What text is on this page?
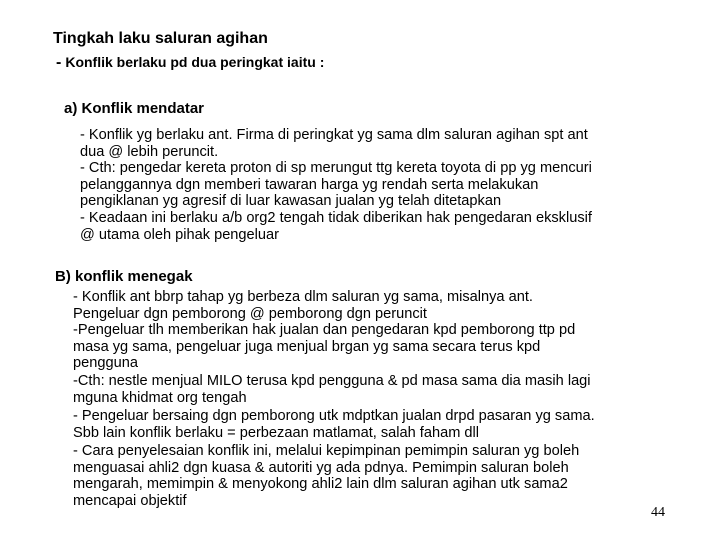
Tingkah laku saluran agihan
- Konflik berlaku pd dua peringkat iaitu :
a) Konflik mendatar
- Konflik yg berlaku ant. Firma di peringkat yg sama dlm saluran agihan spt ant
dua @ lebih peruncit.
- Cth: pengedar kereta proton di sp merungut ttg kereta toyota di pp yg mencuri
pelanggannya dgn memberi tawaran harga yg rendah serta melakukan
pengiklanan yg agresif di luar kawasan jualan yg telah ditetapkan
- Keadaan ini berlaku a/b org2 tengah tidak diberikan hak pengedaran eksklusif
@ utama oleh pihak pengeluar
B) konflik menegak
- Konflik ant bbrp tahap yg berbeza dlm saluran yg sama, misalnya ant.
Pengeluar dgn pemborong @ pemborong dgn peruncit
-Pengeluar tlh memberikan hak jualan dan pengedaran kpd pemborong ttp pd
masa yg sama, pengeluar juga menjual brgan yg sama secara terus kpd
pengguna
-Cth: nestle menjual MILO terusa kpd pengguna & pd masa sama dia masih lagi
mguna khidmat org tengah
- Pengeluar bersaing dgn pemborong utk mdptkan jualan drpd pasaran yg sama.
Sbb lain konflik berlaku = perbezaan matlamat, salah faham dll
- Cara penyelesaian konflik ini, melalui kepimpinan pemimpin saluran yg boleh
menguasai ahli2 dgn kuasa & autoriti yg ada pdnya. Pemimpin saluran boleh
mengarah, memimpin & menyokong ahli2 lain dlm saluran agihan utk sama2
mencapai objektif
44
